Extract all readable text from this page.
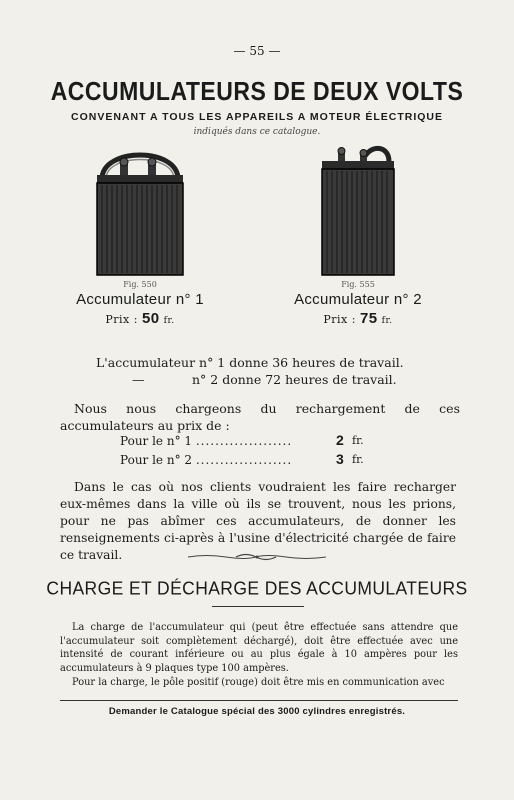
— 55 —
ACCUMULATEURS DE DEUX VOLTS
CONVENANT A TOUS LES APPAREILS A MOTEUR ÉLECTRIQUE
indiqués dans ce catalogue.
Fig. 550
Accumulateur n° 1
Prix : 50 fr.
Fig. 555
Accumulateur n° 2
Prix : 75 fr.
L'accumulateur n° 1 donne 36 heures de travail.
—	n° 2 donne 72 heures de travail.
Nous nous chargeons du rechargement de ces accumulateurs au prix de :
Pour le n° 1 ....................	2 fr.
Pour le n° 2 ....................	3 fr.
Dans le cas où nos clients voudraient les faire recharger eux-mêmes dans la ville où ils se trouvent, nous les prions, pour ne pas abîmer ces accumulateurs, de donner les renseignements ci-après à l'usine d'électricité chargée de faire ce travail.
CHARGE ET DÉCHARGE DES ACCUMULATEURS
La charge de l'accumulateur qui (peut être effectuée sans attendre que l'accumulateur soit complètement déchargé), doit être effectuée avec une intensité de courant inférieure ou au plus égale à 10 ampères pour les accumulateurs à 9 plaques type 100 ampères.
Pour la charge, le pôle positif (rouge) doit être mis en communication avec
Demander le Catalogue spécial des 3000 cylindres enregistrés.
